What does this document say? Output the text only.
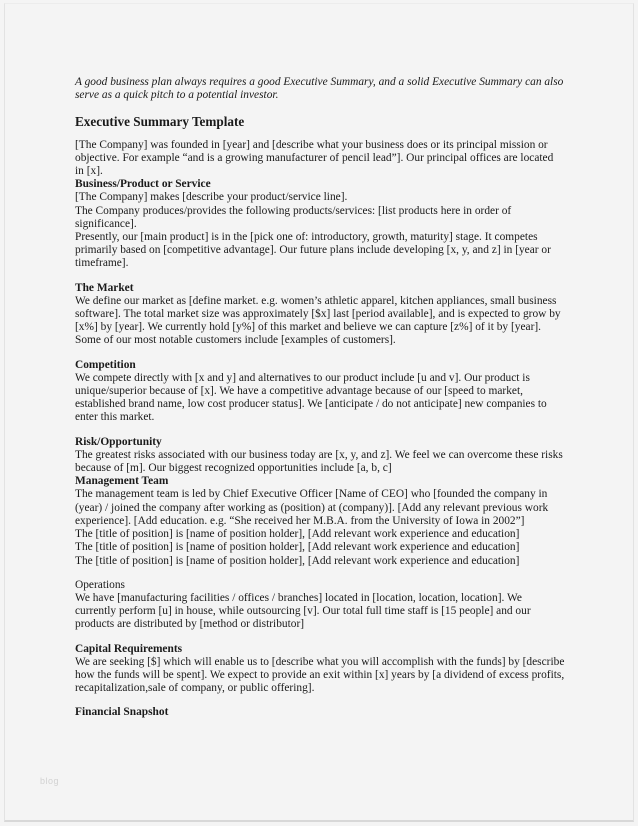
A good business plan always requires a good Executive Summary, and a solid Executive Summary can also serve as a quick pitch to a potential investor.

Executive Summary Template

[The Company] was founded in [year] and [describe what your business does or its principal mission or objective. For example “and is a growing manufacturer of pencil lead”]. Our principal offices are located in [x].

Business/Product or Service

[The Company] makes [describe your product/service line].

The Company produces/provides the following products/services: [list products here in order of significance].

Presently, our [main product] is in the [pick one of: introductory, growth, maturity] stage. It competes primarily based on [competitive advantage]. Our future plans include developing [x, y, and z] in [year or timeframe].

The Market

We define our market as [define market. e.g. women’s athletic apparel, kitchen appliances, small business software]. The total market size was approximately [$x] last [period available], and is expected to grow by [x%] by [year]. We currently hold [y%] of this market and believe we can capture [z%] of it by [year]. Some of our most notable customers include [examples of customers].

Competition

We compete directly with [x and y] and alternatives to our product include [u and v]. Our product is unique/superior because of [x]. We have a competitive advantage because of our [speed to market, established brand name, low cost producer status]. We [anticipate / do not anticipate] new companies to enter this market.

Risk/Opportunity

The greatest risks associated with our business today are [x, y, and z]. We feel we can overcome these risks because of [m]. Our biggest recognized opportunities include [a, b, c]

Management Team

The management team is led by Chief Executive Officer [Name of CEO] who [founded the company in (year) / joined the company after working as (position) at (company)]. [Add any relevant previous work experience]. [Add education. e.g. “She received her M.B.A. from the University of Iowa in 2002”]

The [title of position] is [name of position holder], [Add relevant work experience and education]

The [title of position] is [name of position holder], [Add relevant work experience and education]

The [title of position] is [name of position holder], [Add relevant work experience and education]

Operations

We have [manufacturing facilities / offices / branches] located in [location, location, location]. We currently perform [u] in house, while outsourcing [v]. Our total full time staff is [15 people] and our products are distributed by [method or distributor]

Capital Requirements

We are seeking [$] which will enable us to [describe what you will accomplish with the funds] by [describe how the funds will be spent]. We expect to provide an exit within [x] years by [a dividend of excess profits, recapitalization,sale of company, or public offering].

Financial Snapshot
blog
